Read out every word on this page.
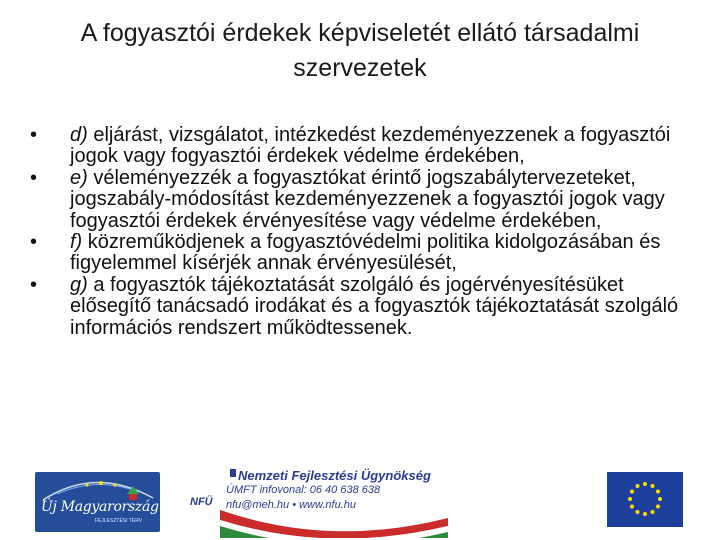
A fogyasztói érdekek képviseletét ellátó társadalmi szervezetek
• d) eljárást, vizsgálatot, intézkedést kezdeményezzenek a fogyasztói jogok vagy fogyasztói érdekek védelme érdekében,
• e) véleményezzék a fogyasztókat érintő jogszabálytervezeteket, jogszabály-módosítást kezdeményezzenek a fogyasztói jogok vagy fogyasztói érdekek érvényesítése vagy védelme érdekében,
• f) közreműködjenek a fogyasztóvédelmi politika kidolgozásában és figyelemmel kísérjék annak érvényesülését,
• g) a fogyasztók tájékoztatását szolgáló és jogérvényesítésüket elősegítő tanácsadó irodákat és a fogyasztók tájékoztatását szolgáló információs rendszert működtessenek.
Új Magyarország
FEJLESZTÉSI TERV
NFÜ
Nemzeti Fejlesztési Ügynökség
ÚMFT infovonal: 06 40 638 638
nfu@meh.hu • www.nfu.hu
